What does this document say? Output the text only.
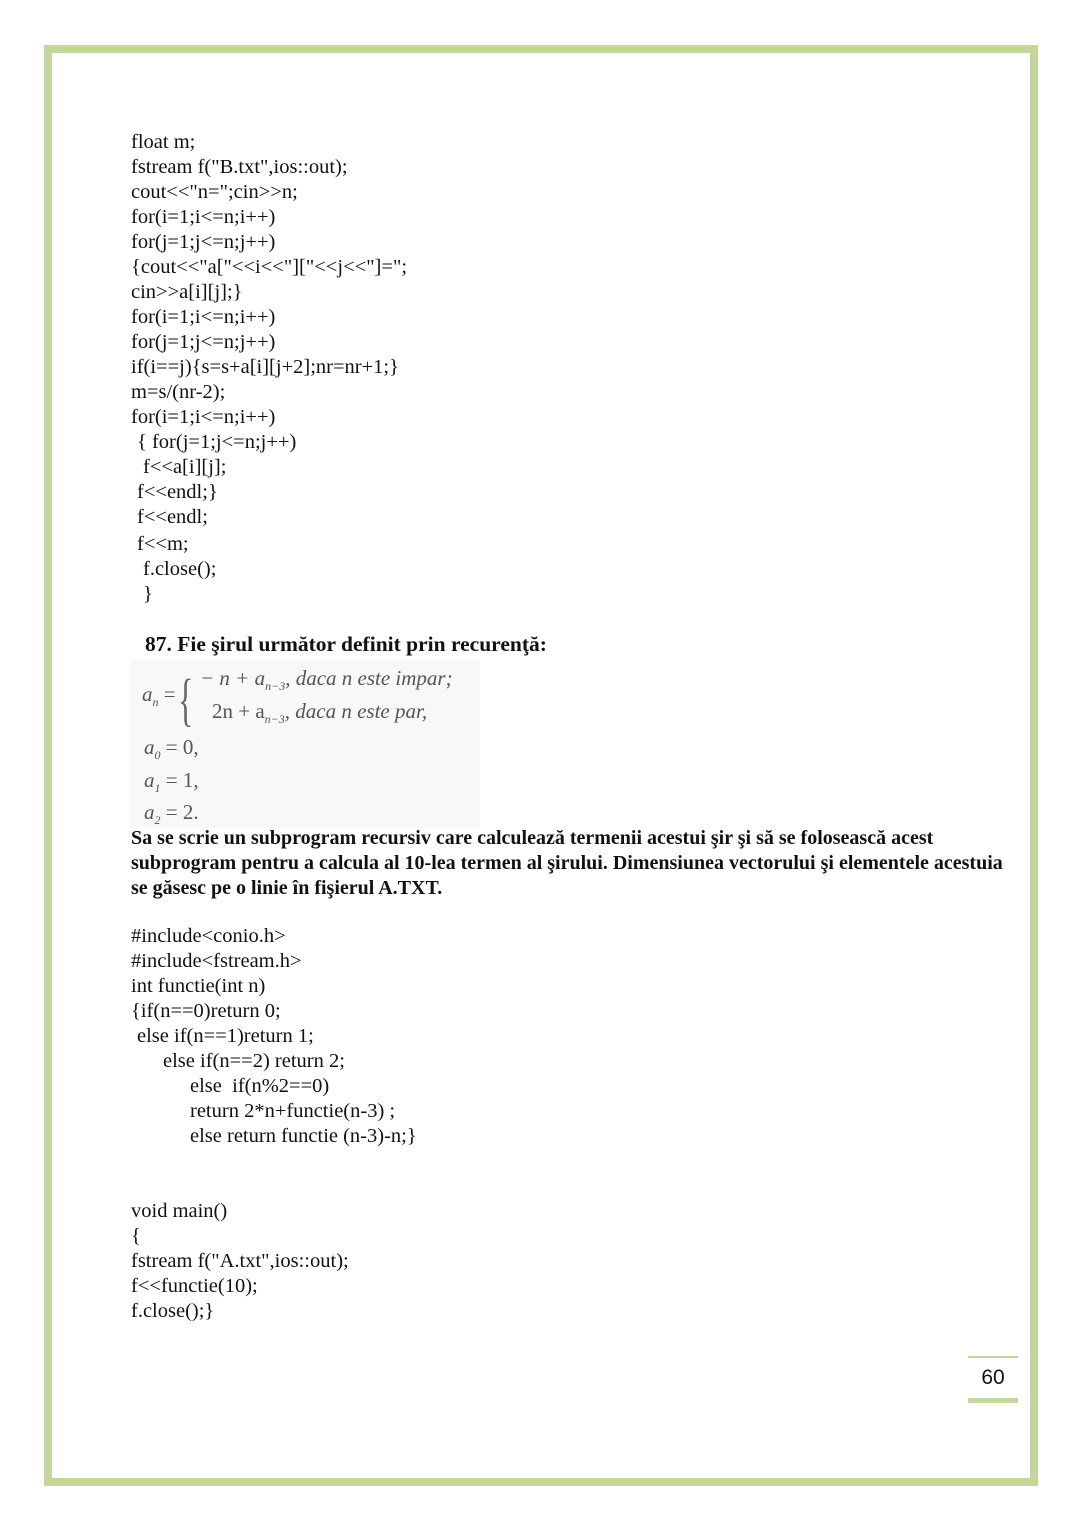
float m;
fstream f("B.txt",ios::out);
cout<<"n=";cin>>n;
for(i=1;i<=n;i++)
for(j=1;j<=n;j++)
{cout<<"a["<<i<<"]["<<j<<"]=";
cin>>a[i][j];}
for(i=1;i<=n;i++)
for(j=1;j<=n;j++)
if(i==j){s=s+a[i][j+2];nr=nr+1;}
m=s/(nr-2);
for(i=1;i<=n;i++)
{ for(j=1;j<=n;j++)
f<<a[i][j];
f<<endl;}
f<<endl;
f<<m;
f.close();
}
87. Fie şirul următor definit prin recurenţă:
$a_n$ = { − $n + a_{n-3}$, daca n este impar;
$2n + a_{n-3}$, daca n este par,
$a_0 = 0$,
$a_1 = 1$,
$a_2 = 2$.
Sa se scrie un subprogram recursiv care calculează termenii acestui şir şi să se folosească acest subprogram pentru a calcula al 10-lea termen al şirului. Dimensiunea vectorului şi elementele acestuia se găsesc pe o linie în fişierul A.TXT.
#include<conio.h>
#include<fstream.h>
int functie(int n)
{if(n==0)return 0;
else if(n==1)return 1;
else if(n==2) return 2;
else  if(n%2==0)
return 2*n+functie(n-3) ;
else return functie (n-3)-n;}
void main()
{
fstream f("A.txt",ios::out);
f<<functie(10);
f.close();}
60
